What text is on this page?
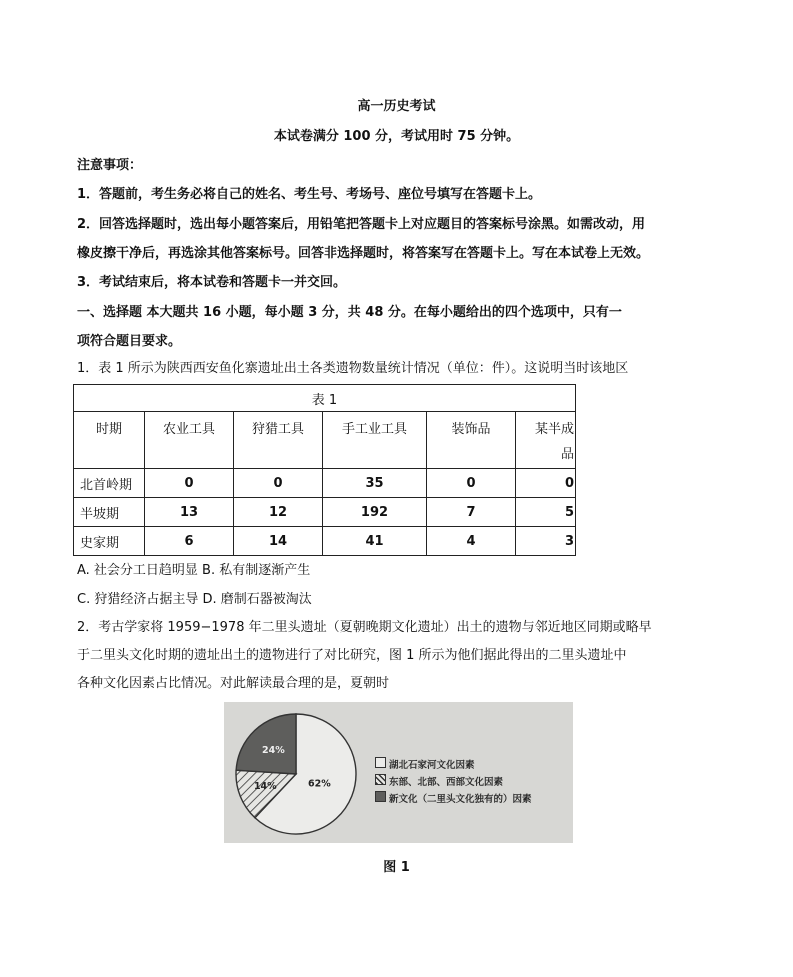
高一历史考试
本试卷满分 100 分，考试用时 75 分钟。
注意事项：
1．答题前，考生务必将自己的姓名、考生号、考场号、座位号填写在答题卡上。
2．回答选择题时，选出每小题答案后，用铅笔把答题卡上对应题目的答案标号涂黑。如需改动，用
橡皮擦干净后，再选涂其他答案标号。回答非选择题时，将答案写在答题卡上。写在本试卷上无效。
3．考试结束后，将本试卷和答题卡一并交回。
一、选择题 本大题共 16 小题，每小题 3 分，共 48 分。在每小题给出的四个选项中，只有一
项符合题目要求。
1．表 1 所示为陕西西安鱼化寨遗址出土各类遗物数量统计情况（单位：件）。这说明当时该地区
表 1					
时期	农业工具	狩猎工具	手工业工具	装饰品	某半成
品

北首岭期	0	0	35	0	0
半坡期	13	12	192	7	5
史家期	6	14	41	4	3
A. 社会分工日趋明显 B. 私有制逐渐产生
C. 狩猎经济占据主导 D. 磨制石器被淘汰
2．考古学家将 1959−1978 年二里头遗址（夏朝晚期文化遗址）出土的遗物与邻近地区同期或略早
于二里头文化时期的遗址出土的遗物进行了对比研究，图 1 所示为他们据此得出的二里头遗址中
各种文化因素占比情况。对此解读最合理的是，夏朝时
62%
14%
24%
湖北石家河文化因素
东部、北部、西部文化因素
新文化（二里头文化独有的）因素
图 1
